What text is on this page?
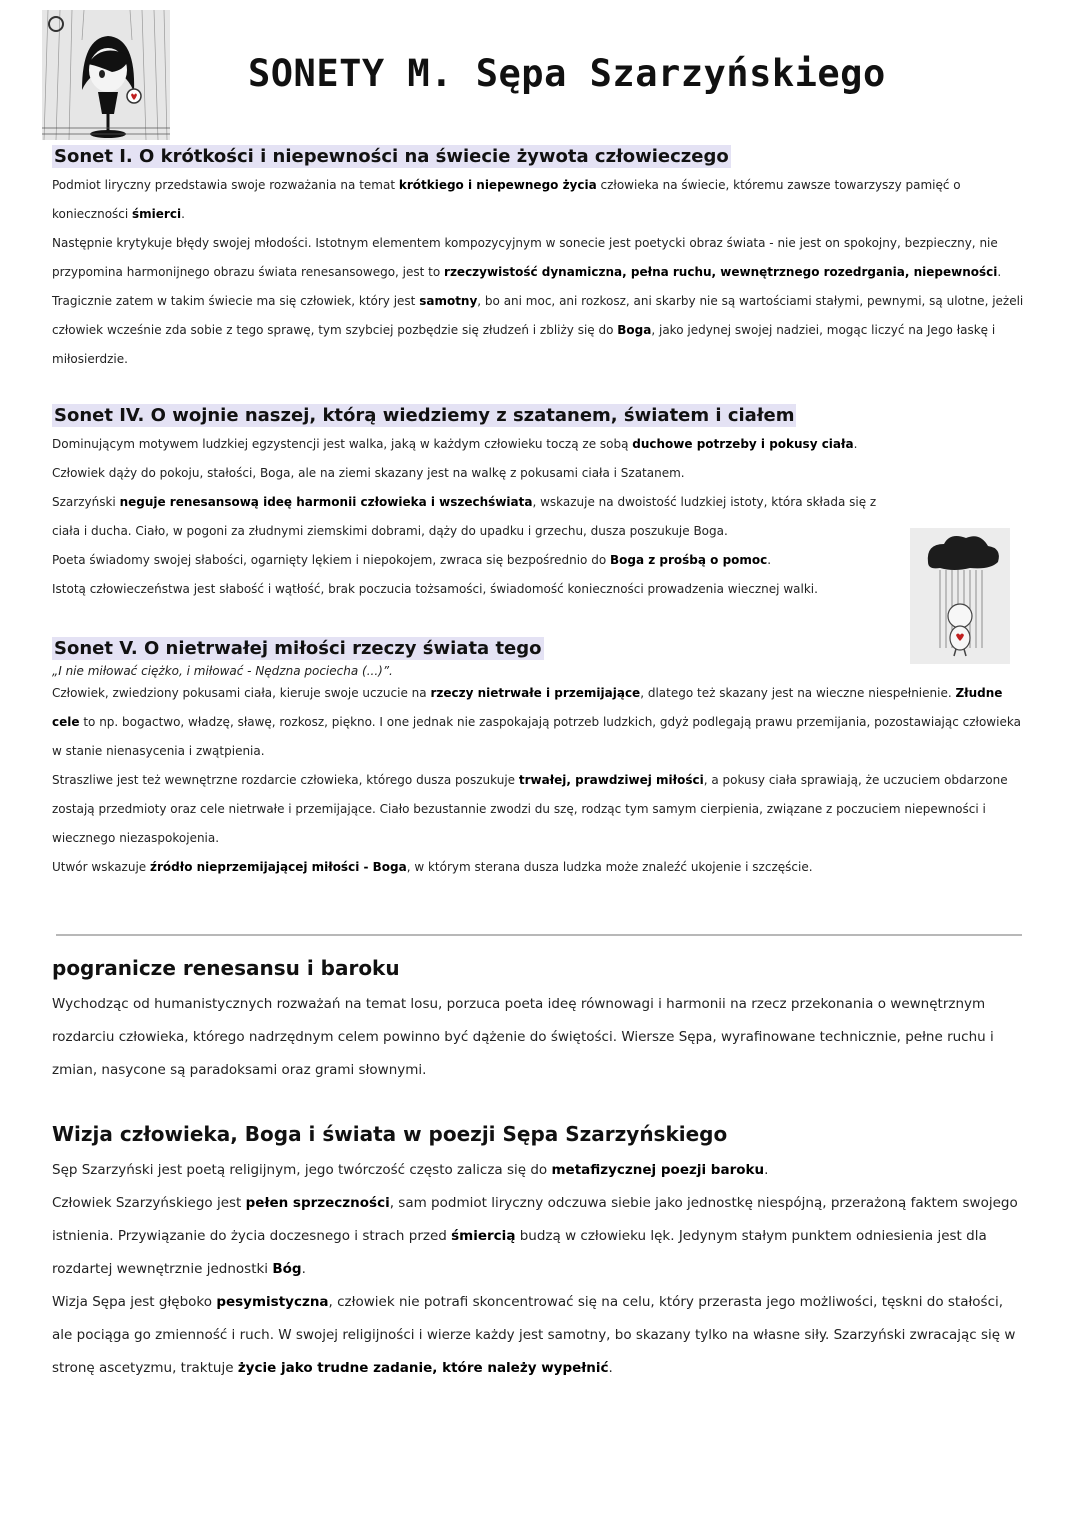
SONETY M. Sępa Szarzyńskiego
Sonet I. O krótkości i niepewności na świecie żywota człowieczego

Podmiot liryczny przedstawia swoje rozważania na temat krótkiego i niepewnego życia człowieka na świecie, któremu zawsze towarzyszy pamięć o konieczności śmierci.

Następnie krytykuje błędy swojej młodości. Istotnym elementem kompozycyjnym w sonecie jest poetycki obraz świata - nie jest on spokojny, bezpieczny, nie przypomina harmonijnego obrazu świata renesansowego, jest to rzeczywistość dynamiczna, pełna ruchu, wewnętrznego rozedrgania, niepewności.

Tragicznie zatem w takim świecie ma się człowiek, który jest samotny, bo ani moc, ani rozkosz, ani skarby nie są wartościami stałymi, pewnymi, są ulotne, jeżeli człowiek wcześnie zda sobie z tego sprawę, tym szybciej pozbędzie się złudzeń i zbliży się do Boga, jako jedynej swojej nadziei, mogąc liczyć na Jego łaskę i miłosierdzie.

Sonet IV. O wojnie naszej, którą wiedziemy z szatanem, światem i ciałem

Dominującym motywem ludzkiej egzystencji jest walka, jaką w każdym człowieku toczą ze sobą duchowe potrzeby i pokusy ciała.

Człowiek dąży do pokoju, stałości, Boga, ale na ziemi skazany jest na walkę z pokusami ciała i Szatanem.

Szarzyński neguje renesansową ideę harmonii człowieka i wszechświata, wskazuje na dwoistość ludzkiej istoty, która składa się z ciała i ducha. Ciało, w pogoni za złudnymi ziemskimi dobrami, dąży do upadku i grzechu, dusza poszukuje Boga.

Poeta świadomy swojej słabości, ogarnięty lękiem i niepokojem, zwraca się bezpośrednio do Boga z prośbą o pomoc.

Istotą człowieczeństwa jest słabość i wątłość, brak poczucia tożsamości, świadomość konieczności prowadzenia wiecznej walki.

Sonet V. O nietrwałej miłości rzeczy świata tego

„I nie miłować ciężko, i miłować - Nędzna pociecha (...)”.

Człowiek, zwiedziony pokusami ciała, kieruje swoje uczucie na rzeczy nietrwałe i przemijające, dlatego też skazany jest na wieczne niespełnienie. Złudne cele to np. bogactwo, władzę, sławę, rozkosz, piękno. I one jednak nie zaspokajają potrzeb ludzkich, gdyż podlegają prawu przemijania, pozostawiając człowieka w stanie nienasycenia i zwątpienia.

Straszliwe jest też wewnętrzne rozdarcie człowieka, którego dusza poszukuje trwałej, prawdziwej miłości, a pokusy ciała sprawiają, że uczuciem obdarzone zostają przedmioty oraz cele nietrwałe i przemijające. Ciało bezustannie zwodzi du szę, rodząc tym samym cierpienia, związane z poczuciem niepewności i wiecznego niezaspokojenia.

Utwór wskazuje źródło nieprzemijającej miłości - Boga, w którym sterana dusza ludzka może znaleźć ukojenie i szczęście.

pogranicze renesansu i baroku

Wychodząc od humanistycznych rozważań na temat losu, porzuca poeta ideę równowagi i harmonii na rzecz przekonania o wewnętrznym rozdarciu człowieka, którego nadrzędnym celem powinno być dążenie do świętości. Wiersze Sępa, wyrafinowane technicznie, pełne ruchu i zmian, nasycone są paradoksami oraz grami słownymi.

Wizja człowieka, Boga i świata w poezji Sępa Szarzyńskiego

Sęp Szarzyński jest poetą religijnym, jego twórczość często zalicza się do metafizycznej poezji baroku.

Człowiek Szarzyńskiego jest pełen sprzeczności, sam podmiot liryczny odczuwa siebie jako jednostkę niespójną, przerażoną faktem swojego istnienia. Przywiązanie do życia doczesnego i strach przed śmiercią budzą w człowieku lęk. Jedynym stałym punktem odniesienia jest dla rozdartej wewnętrznie jednostki Bóg.

Wizja Sępa jest głęboko pesymistyczna, człowiek nie potrafi skoncentrować się na celu, który przerasta jego możliwości, tęskni do stałości, ale pociąga go zmienność i ruch. W swojej religijności i wierze każdy jest samotny, bo skazany tylko na własne siły. Szarzyński zwracając się w stronę ascetyzmu, traktuje życie jako trudne zadanie, które należy wypełnić.
